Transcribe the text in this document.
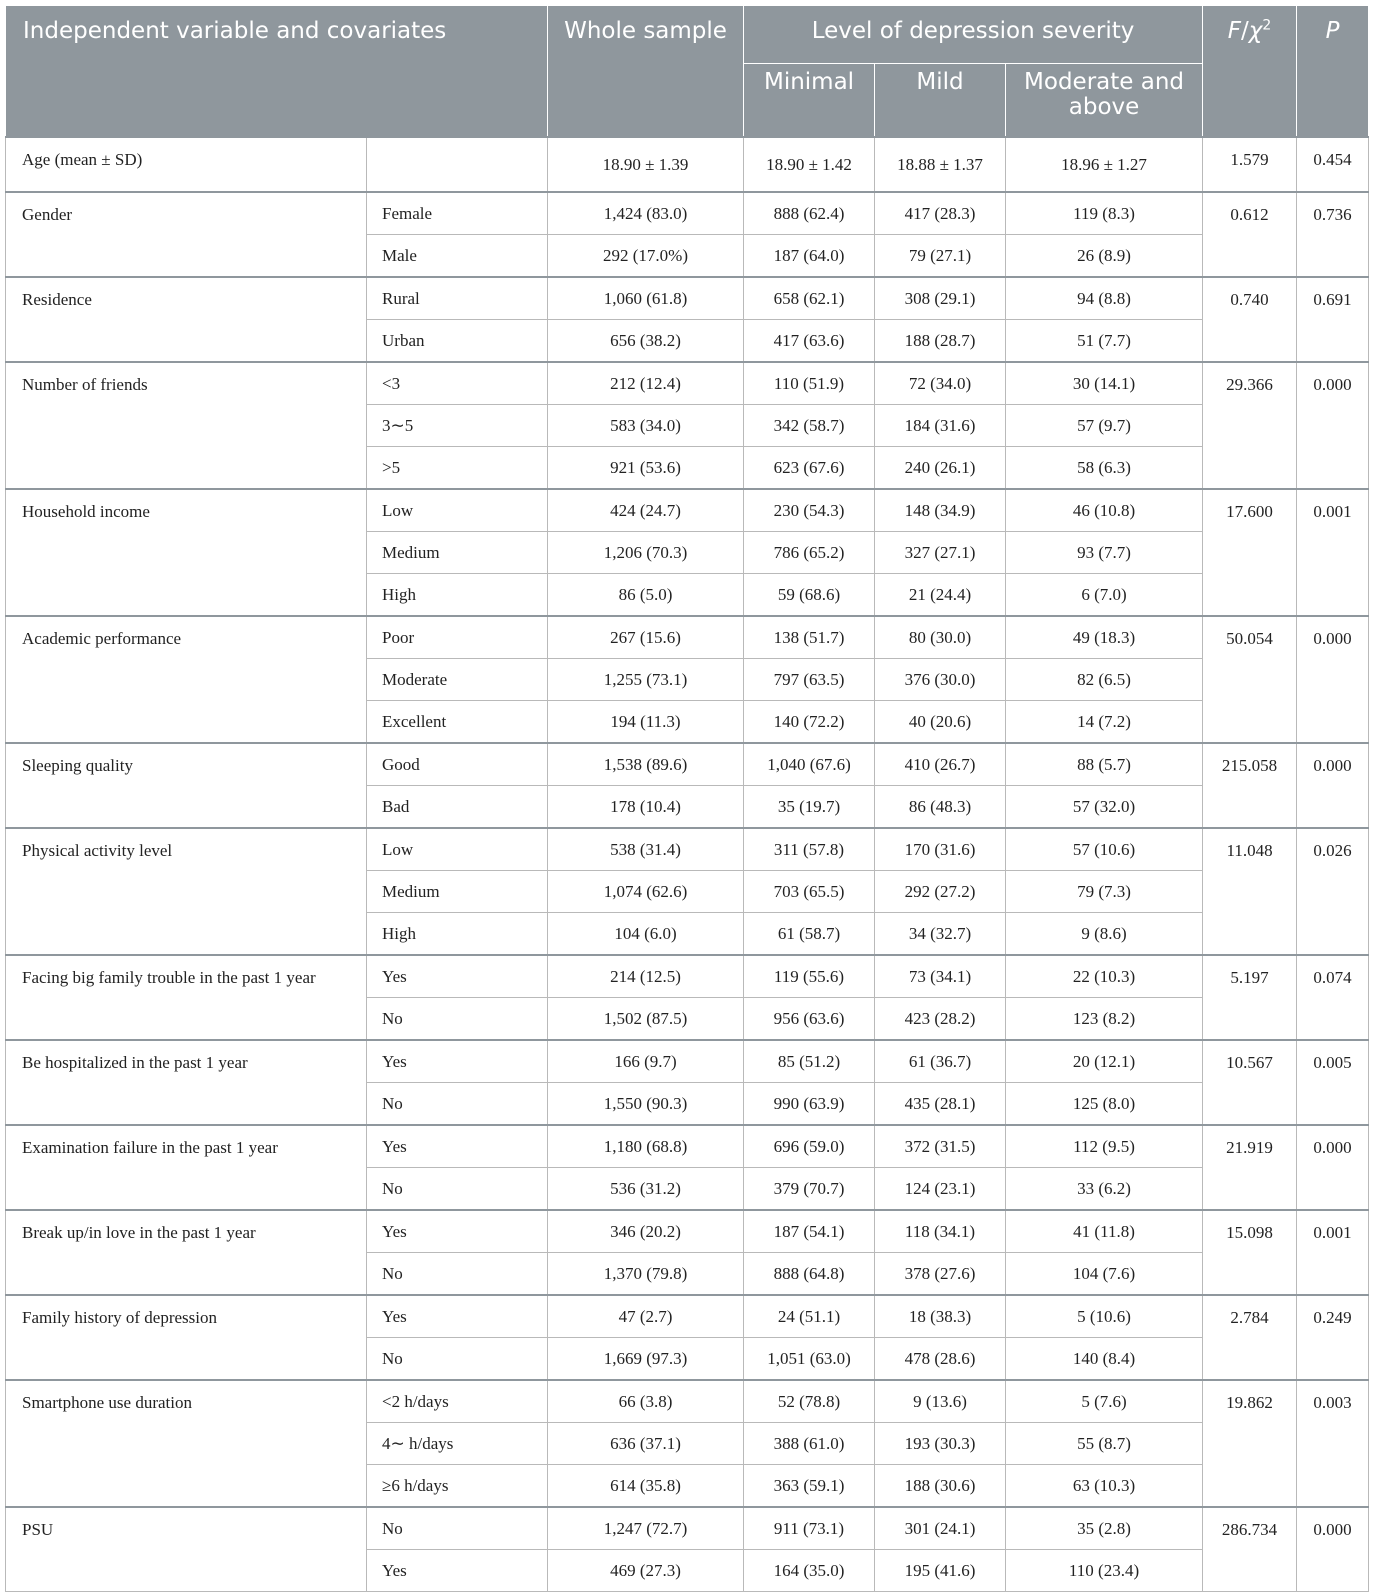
Independent variable and covariates		Whole sample	Level of depression severity			$F/\chi^2$	P
			Minimal	Mild	Moderate and above		
Age (mean ± SD)		18.90 ± 1.39	18.90 ± 1.42	18.88 ± 1.37	18.96 ± 1.27	1.579	0.454
Gender	Female	1,424 (83.0)	888 (62.4)	417 (28.3)	119 (8.3)	0.612	0.736
	Male	292 (17.0%)	187 (64.0)	79 (27.1)	26 (8.9)		
Residence	Rural	1,060 (61.8)	658 (62.1)	308 (29.1)	94 (8.8)	0.740	0.691
	Urban	656 (38.2)	417 (63.6)	188 (28.7)	51 (7.7)		
Number of friends	<3	212 (12.4)	110 (51.9)	72 (34.0)	30 (14.1)	29.366	0.000
	3∼5	583 (34.0)	342 (58.7)	184 (31.6)	57 (9.7)		
	>5	921 (53.6)	623 (67.6)	240 (26.1)	58 (6.3)		
Household income	Low	424 (24.7)	230 (54.3)	148 (34.9)	46 (10.8)	17.600	0.001
	Medium	1,206 (70.3)	786 (65.2)	327 (27.1)	93 (7.7)		
	High	86 (5.0)	59 (68.6)	21 (24.4)	6 (7.0)		
Academic performance	Poor	267 (15.6)	138 (51.7)	80 (30.0)	49 (18.3)	50.054	0.000
	Moderate	1,255 (73.1)	797 (63.5)	376 (30.0)	82 (6.5)		
	Excellent	194 (11.3)	140 (72.2)	40 (20.6)	14 (7.2)		
Sleeping quality	Good	1,538 (89.6)	1,040 (67.6)	410 (26.7)	88 (5.7)	215.058	0.000
	Bad	178 (10.4)	35 (19.7)	86 (48.3)	57 (32.0)		
Physical activity level	Low	538 (31.4)	311 (57.8)	170 (31.6)	57 (10.6)	11.048	0.026
	Medium	1,074 (62.6)	703 (65.5)	292 (27.2)	79 (7.3)		
	High	104 (6.0)	61 (58.7)	34 (32.7)	9 (8.6)		
Facing big family trouble in the past 1 year	Yes	214 (12.5)	119 (55.6)	73 (34.1)	22 (10.3)	5.197	0.074
	No	1,502 (87.5)	956 (63.6)	423 (28.2)	123 (8.2)		
Be hospitalized in the past 1 year	Yes	166 (9.7)	85 (51.2)	61 (36.7)	20 (12.1)	10.567	0.005
	No	1,550 (90.3)	990 (63.9)	435 (28.1)	125 (8.0)		
Examination failure in the past 1 year	Yes	1,180 (68.8)	696 (59.0)	372 (31.5)	112 (9.5)	21.919	0.000
	No	536 (31.2)	379 (70.7)	124 (23.1)	33 (6.2)		
Break up/in love in the past 1 year	Yes	346 (20.2)	187 (54.1)	118 (34.1)	41 (11.8)	15.098	0.001
	No	1,370 (79.8)	888 (64.8)	378 (27.6)	104 (7.6)		
Family history of depression	Yes	47 (2.7)	24 (51.1)	18 (38.3)	5 (10.6)	2.784	0.249
	No	1,669 (97.3)	1,051 (63.0)	478 (28.6)	140 (8.4)		
Smartphone use duration	<2 h/days	66 (3.8)	52 (78.8)	9 (13.6)	5 (7.6)	19.862	0.003
	4∼ h/days	636 (37.1)	388 (61.0)	193 (30.3)	55 (8.7)		
	≥6 h/days	614 (35.8)	363 (59.1)	188 (30.6)	63 (10.3)		
PSU	No	1,247 (72.7)	911 (73.1)	301 (24.1)	35 (2.8)	286.734	0.000
	Yes	469 (27.3)	164 (35.0)	195 (41.6)	110 (23.4)		
